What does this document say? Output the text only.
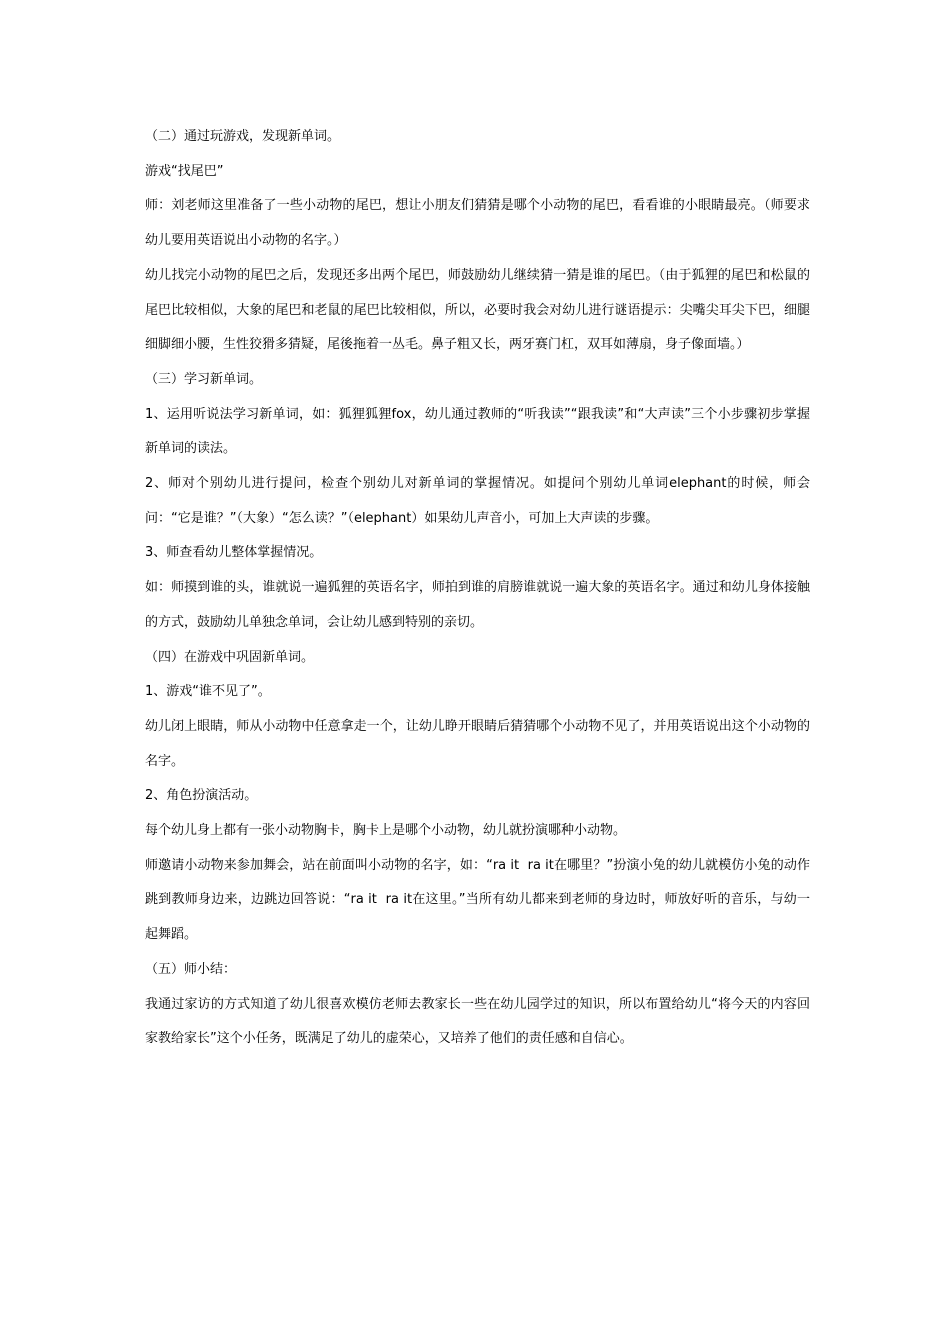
（二）通过玩游戏，发现新单词。

游戏“找尾巴”

师：刘老师这里准备了一些小动物的尾巴，想让小朋友们猜猜是哪个小动物的尾巴，看看谁的小眼睛最亮。（师要求幼儿要用英语说出小动物的名字。）

幼儿找完小动物的尾巴之后，发现还多出两个尾巴，师鼓励幼儿继续猜一猜是谁的尾巴。（由于狐狸的尾巴和松鼠的尾巴比较相似，大象的尾巴和老鼠的尾巴比较相似，所以，必要时我会对幼儿进行谜语提示：尖嘴尖耳尖下巴，细腿细脚细小腰，生性狡猾多猜疑，尾後拖着一丛毛。鼻子粗又长，两牙赛门杠，双耳如薄扇，身子像面墙。）

（三）学习新单词。

1、运用听说法学习新单词，如：狐狸狐狸fox，幼儿通过教师的“听我读”“跟我读”和“大声读”三个小步骤初步掌握新单词的读法。

2、师对个别幼儿进行提问，检查个别幼儿对新单词的掌握情况。如提问个别幼儿单词elephant的时候，师会问：“它是谁？”（大象）“怎么读？”（elephant）如果幼儿声音小，可加上大声读的步骤。

3、师查看幼儿整体掌握情况。

如：师摸到谁的头，谁就说一遍狐狸的英语名字，师拍到谁的肩膀谁就说一遍大象的英语名字。通过和幼儿身体接触的方式，鼓励幼儿单独念单词，会让幼儿感到特别的亲切。

（四）在游戏中巩固新单词。

1、游戏“谁不见了”。

幼儿闭上眼睛，师从小动物中任意拿走一个，让幼儿睁开眼睛后猜猜哪个小动物不见了，并用英语说出这个小动物的名字。

2、角色扮演活动。

每个幼儿身上都有一张小动物胸卡，胸卡上是哪个小动物，幼儿就扮演哪种小动物。

师邀请小动物来参加舞会，站在前面叫小动物的名字，如：“ra it  ra it在哪里？”扮演小兔的幼儿就模仿小兔的动作跳到教师身边来，边跳边回答说：“ra it  ra it在这里。”当所有幼儿都来到老师的身边时，师放好听的音乐，与幼一起舞蹈。

（五）师小结：

我通过家访的方式知道了幼儿很喜欢模仿老师去教家长一些在幼儿园学过的知识，所以布置给幼儿“将今天的内容回家教给家长”这个小任务，既满足了幼儿的虚荣心，又培养了他们的责任感和自信心。
